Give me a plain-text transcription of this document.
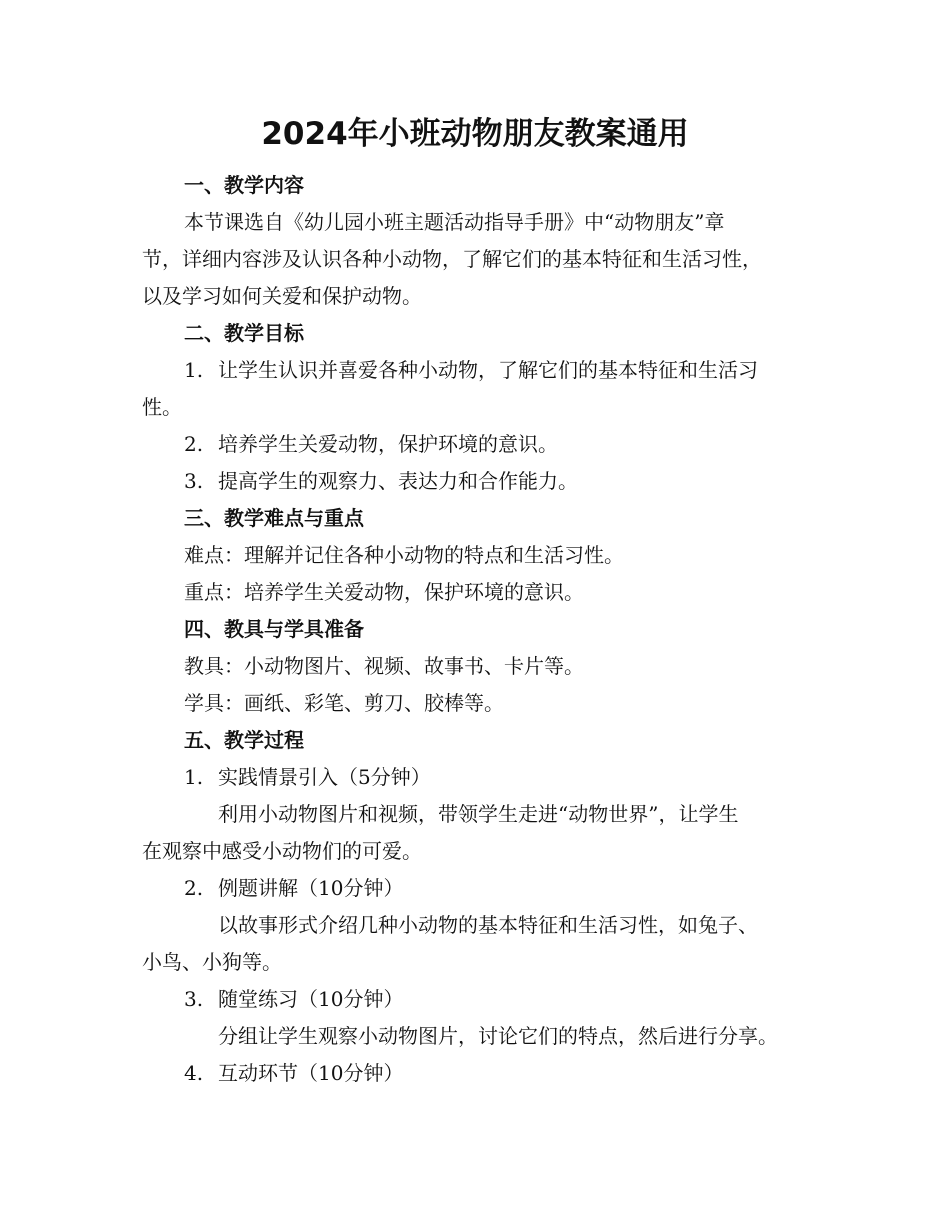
2024年小班动物朋友教案通用

一、教学内容

本节课选自《幼儿园小班主题活动指导手册》中“动物朋友”章

节，详细内容涉及认识各种小动物，了解它们的基本特征和生活习性，

以及学习如何关爱和保护动物。

二、教学目标

1. 让学生认识并喜爱各种小动物，了解它们的基本特征和生活习

性。

2. 培养学生关爱动物，保护环境的意识。

3. 提高学生的观察力、表达力和合作能力。

三、教学难点与重点

难点：理解并记住各种小动物的特点和生活习性。

重点：培养学生关爱动物，保护环境的意识。

四、教具与学具准备

教具：小动物图片、视频、故事书、卡片等。

学具：画纸、彩笔、剪刀、胶棒等。

五、教学过程

1. 实践情景引入（5分钟）

利用小动物图片和视频，带领学生走进“动物世界”，让学生

在观察中感受小动物们的可爱。

2. 例题讲解（10分钟）

以故事形式介绍几种小动物的基本特征和生活习性，如兔子、

小鸟、小狗等。

3. 随堂练习（10分钟）

分组让学生观察小动物图片，讨论它们的特点，然后进行分享。

4. 互动环节（10分钟）
